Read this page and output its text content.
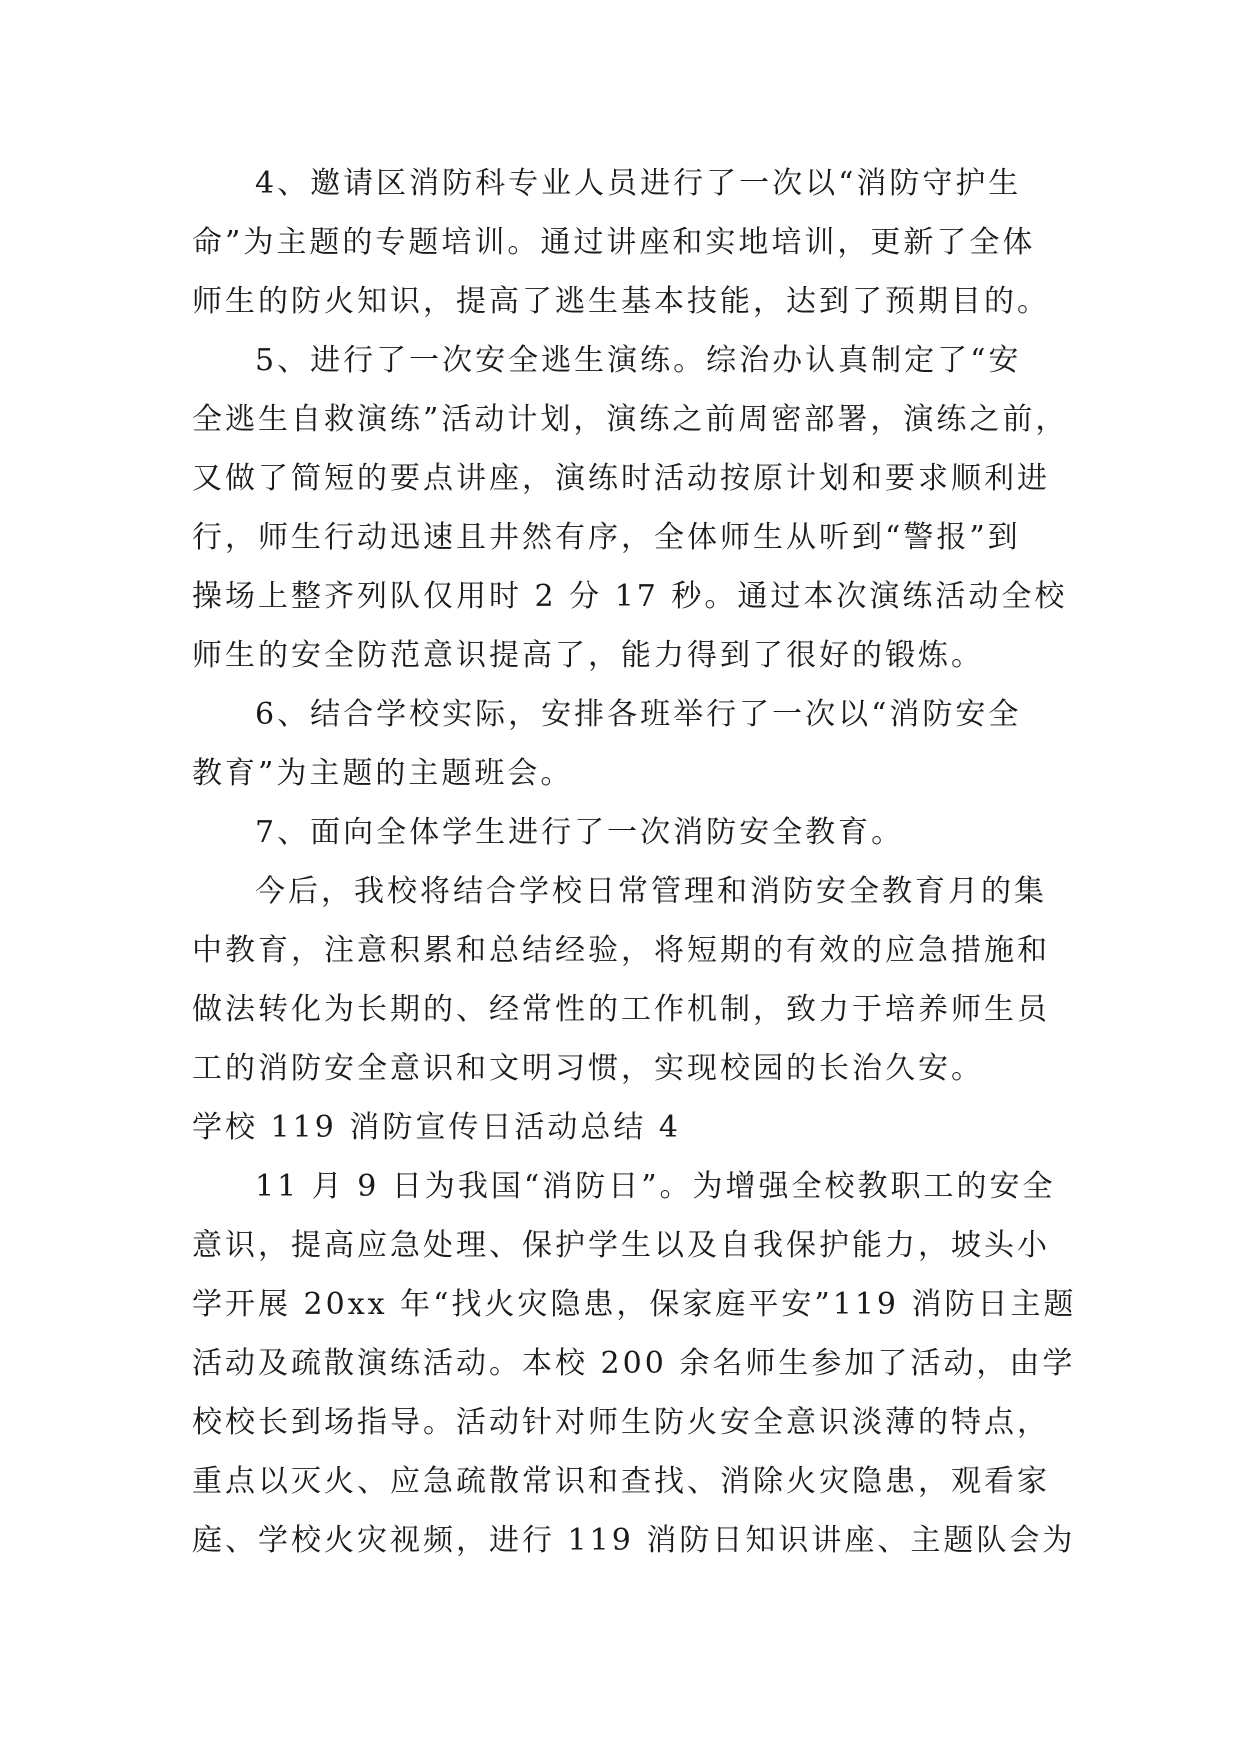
4、邀请区消防科专业人员进行了一次以“消防守护生
命”为主题的专题培训。通过讲座和实地培训，更新了全体
师生的防火知识，提高了逃生基本技能，达到了预期目的。
5、进行了一次安全逃生演练。综治办认真制定了“安
全逃生自救演练”活动计划，演练之前周密部署，演练之前，
又做了简短的要点讲座，演练时活动按原计划和要求顺利进
行，师生行动迅速且井然有序，全体师生从听到“警报”到
操场上整齐列队仅用时 2 分 17 秒。通过本次演练活动全校
师生的安全防范意识提高了，能力得到了很好的锻炼。
6、结合学校实际，安排各班举行了一次以“消防安全
教育”为主题的主题班会。
7、面向全体学生进行了一次消防安全教育。
今后，我校将结合学校日常管理和消防安全教育月的集
中教育，注意积累和总结经验，将短期的有效的应急措施和
做法转化为长期的、经常性的工作机制，致力于培养师生员
工的消防安全意识和文明习惯，实现校园的长治久安。
学校 119 消防宣传日活动总结 4
11 月 9 日为我国“消防日”。为增强全校教职工的安全
意识，提高应急处理、保护学生以及自我保护能力，坡头小
学开展 20xx 年“找火灾隐患，保家庭平安”119 消防日主题
活动及疏散演练活动。本校 200 余名师生参加了活动，由学
校校长到场指导。活动针对师生防火安全意识淡薄的特点，
重点以灭火、应急疏散常识和查找、消除火灾隐患，观看家
庭、学校火灾视频，进行 119 消防日知识讲座、主题队会为
